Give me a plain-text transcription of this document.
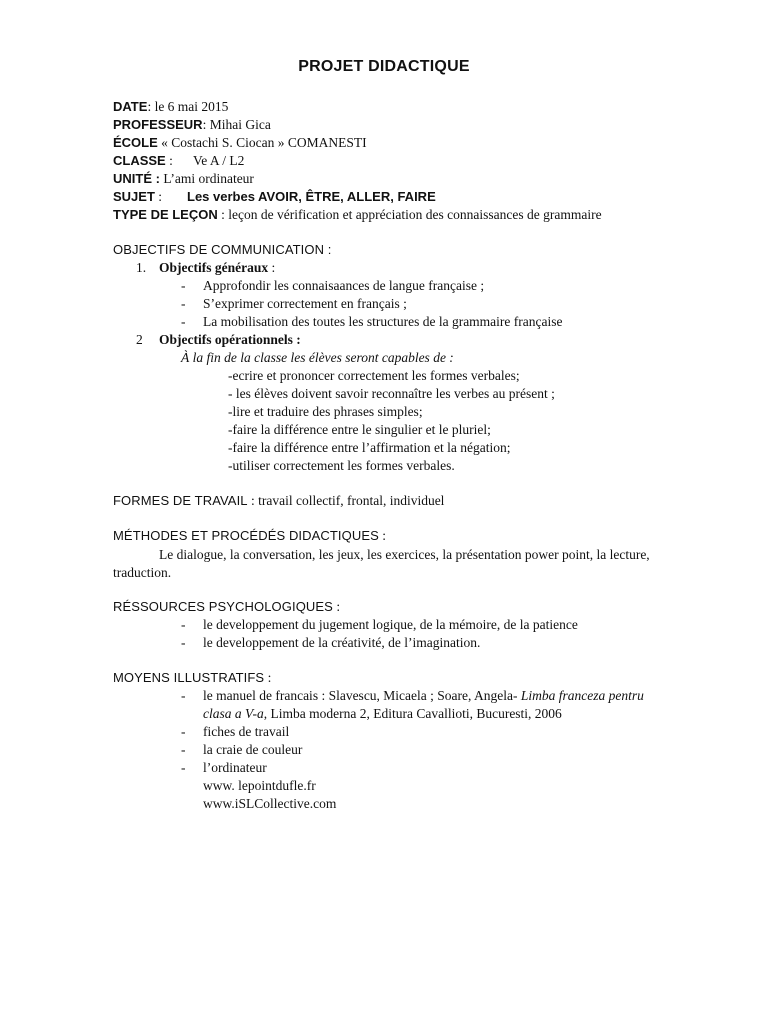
PROJET DIDACTIQUE
DATE: le 6 mai 2015
PROFESSEUR: Mihai Gica
ÉCOLE « Costachi S. Ciocan » COMANESTI
CLASSE : Ve A / L2
UNITÉ : L’ami ordinateur
SUJET : Les verbes AVOIR, ÊTRE, ALLER, FAIRE
TYPE DE LEÇON : leçon de vérification et appréciation des connaissances de grammaire
OBJECTIFS DE COMMUNICATION :
1. Objectifs généraux :
- Approfondir les connaisaances de langue française ;
- S’exprimer correctement en français ;
- La mobilisation des toutes les structures de la grammaire française
2 Objectifs opérationnels :
À la fin de la classe les élèves seront capables de :
-ecrire et prononcer correctement les formes verbales;
- les élèves doivent savoir reconnaître les verbes au présent ;
-lire et traduire des phrases simples;
-faire la différence entre le singulier et le pluriel;
-faire la différence entre l’affirmation et la négation;
-utiliser correctement les formes verbales.
FORMES DE TRAVAIL : travail collectif, frontal, individuel
MÉTHODES ET PROCÉDÉS DIDACTIQUES :
Le dialogue, la conversation, les jeux, les exercices, la présentation power point, la lecture,
traduction.
RÉSSOURCES PSYCHOLOGIQUES :
- le developpement du jugement logique, de la mémoire, de la patience
- le developpement de la créativité, de l’imagination.
MOYENS ILLUSTRATIFS :
- le manuel de francais : Slavescu, Micaela ; Soare, Angela- Limba franceza pentru
clasa a V-a, Limba moderna 2, Editura Cavallioti, Bucuresti, 2006
- fiches de travail
- la craie de couleur
- l’ordinateur
www. lepointdufle.fr
www.iSLCollective.com
